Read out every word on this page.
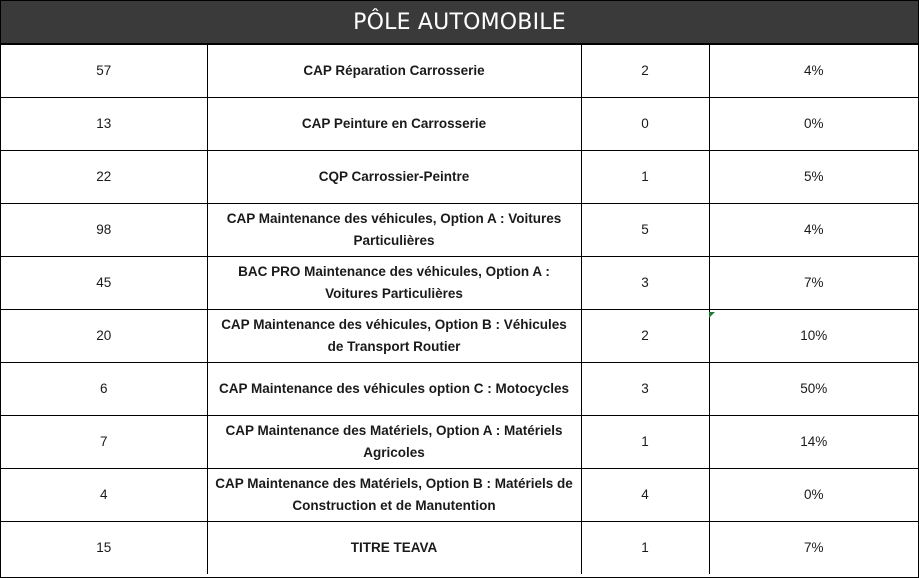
PÔLE AUTOMOBILE
57	CAP Réparation Carrosserie	2	4%
13	CAP Peinture en Carrosserie	0	0%
22	CQP Carrossier-Peintre	1	5%
98	CAP Maintenance des véhicules, Option A : Voitures Particulières	5	4%
45	BAC PRO Maintenance des véhicules, Option A : Voitures Particulières	3	7%
20	CAP Maintenance des véhicules, Option B : Véhicules de Transport Routier	2	10%
6	CAP Maintenance des véhicules option C : Motocycles	3	50%
7	CAP Maintenance des Matériels, Option A : Matériels Agricoles	1	14%
4	CAP Maintenance des Matériels, Option B : Matériels de Construction et de Manutention	4	0%
15	TITRE TEAVA	1	7%
